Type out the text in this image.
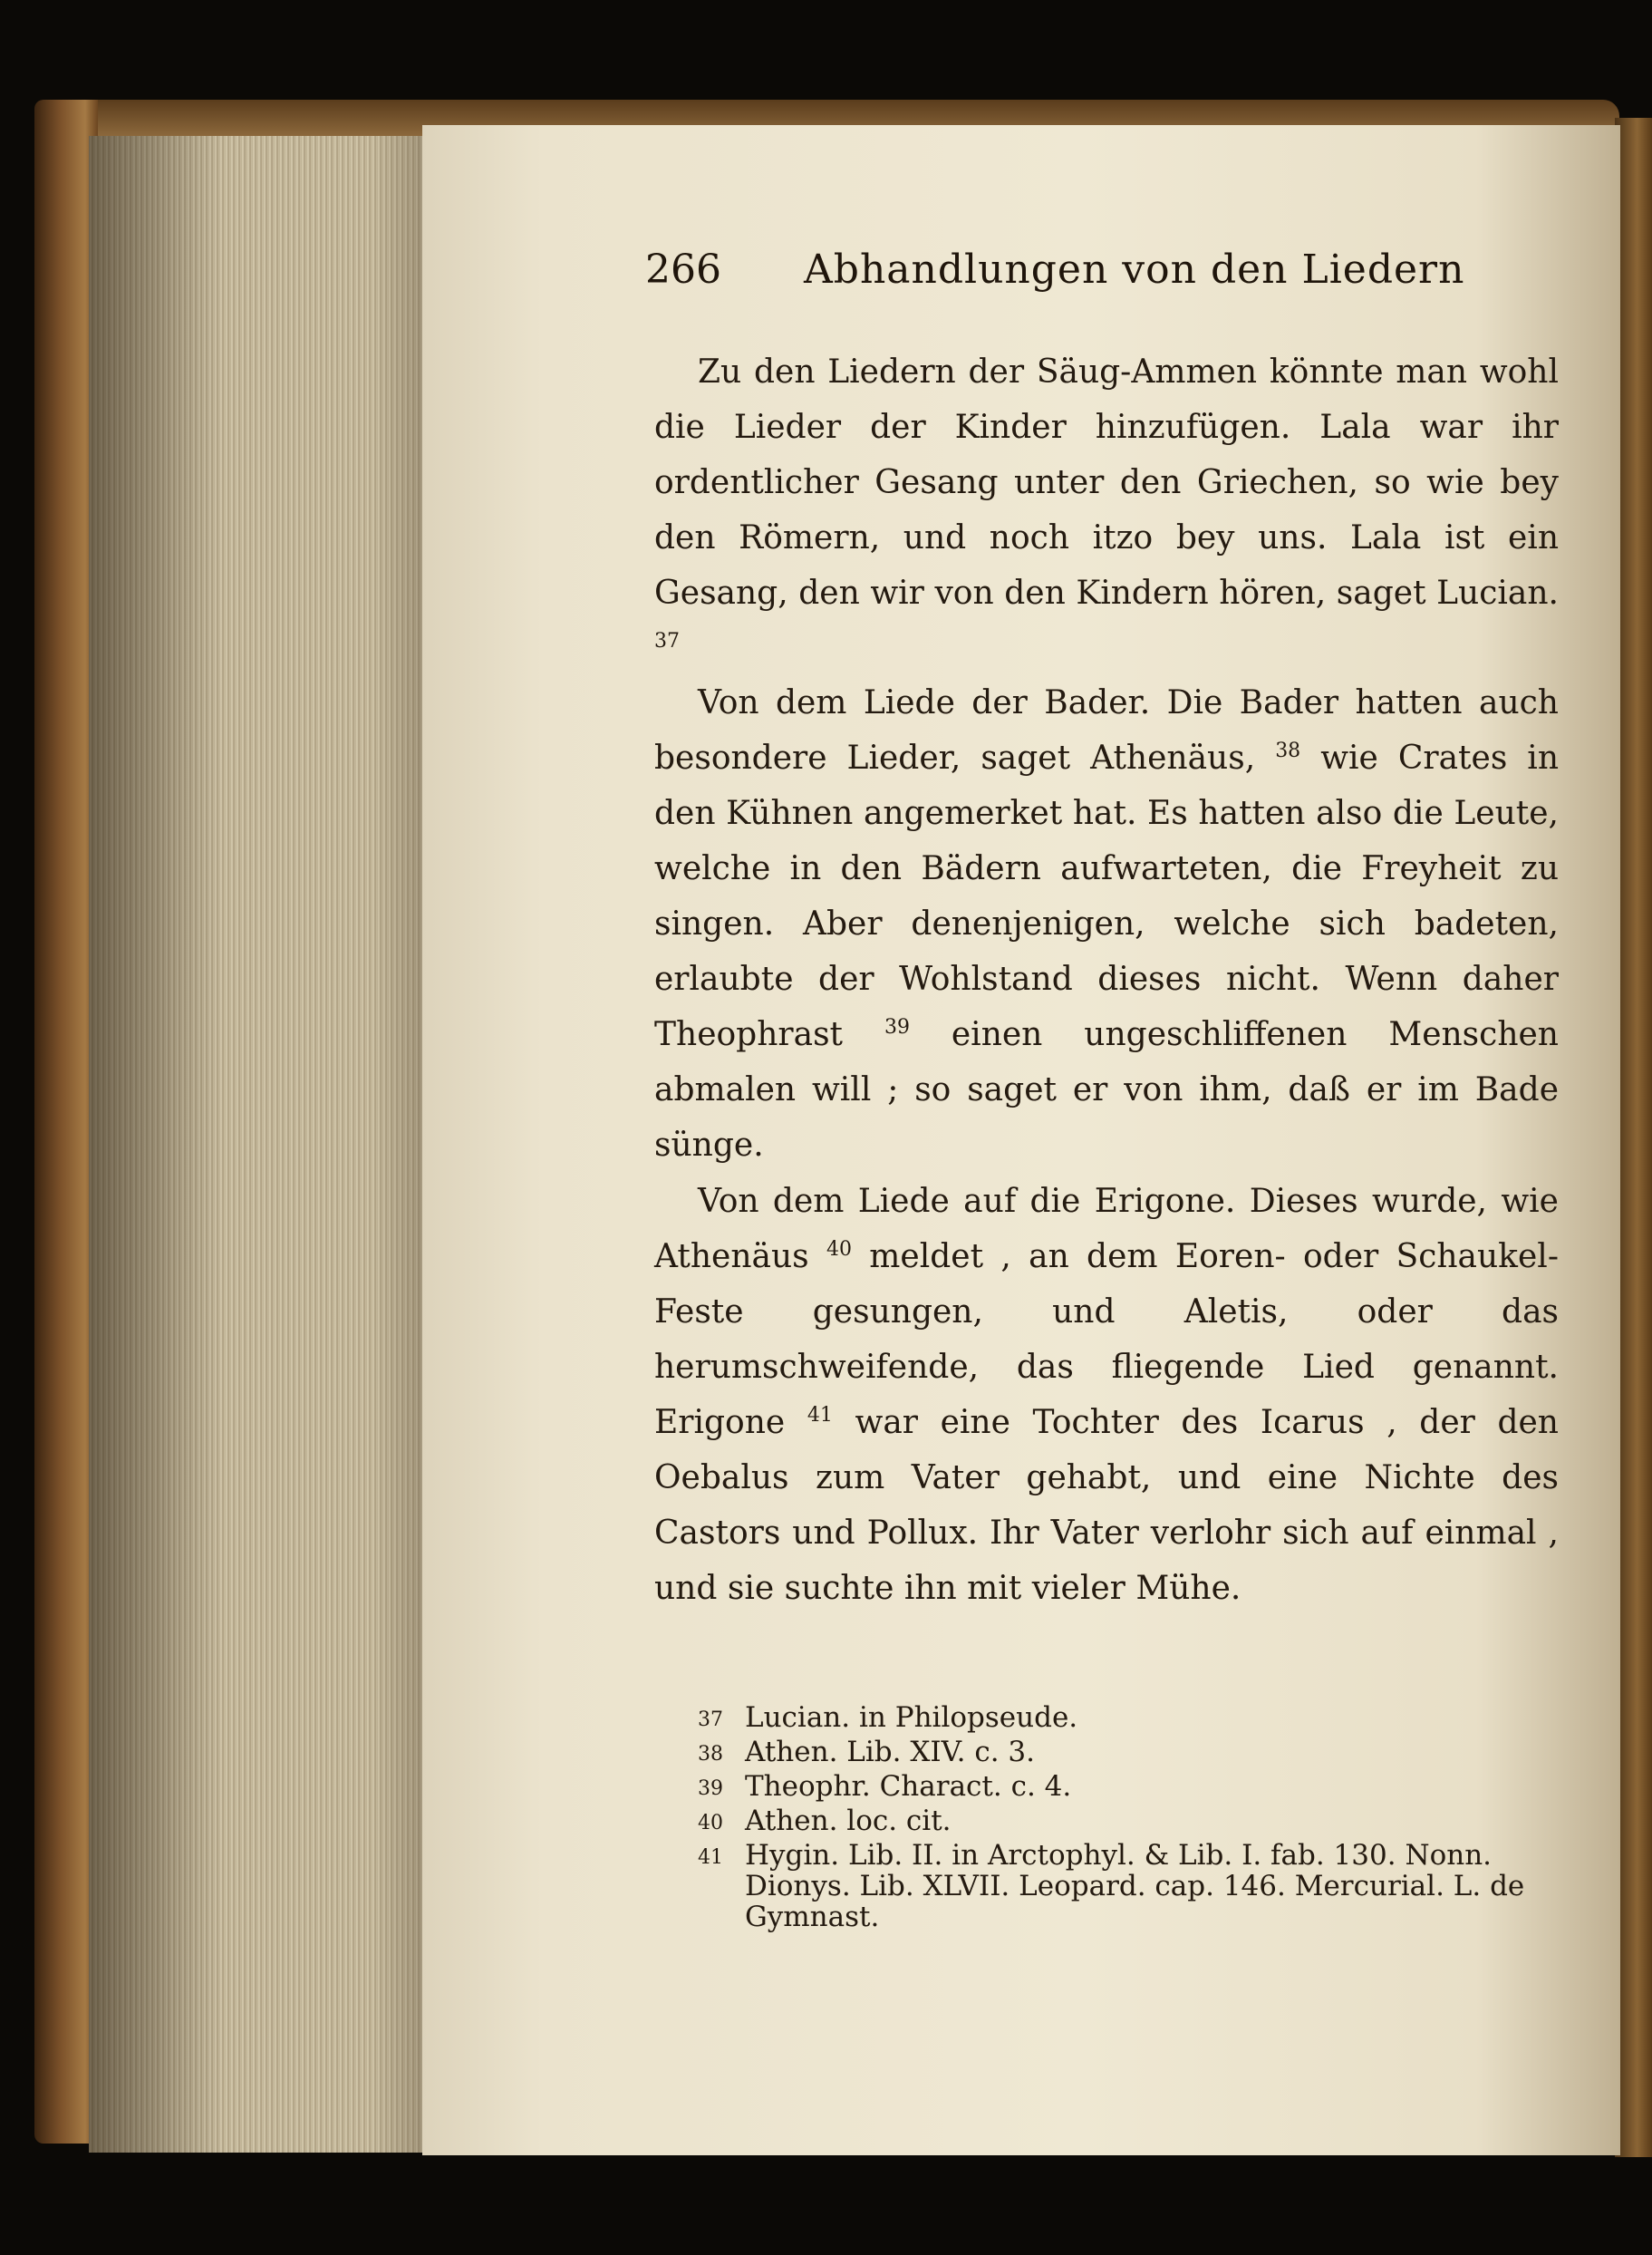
266 Abhandlungen von den Liedern
Zu den Liedern der Säug-Ammen könnte man wohl die Lieder der Kinder hinzufügen. Lala war ihr ordentlicher Gesang unter den Griechen, so wie bey den Römern, und noch itzo bey uns. Lala ist ein Gesang, den wir von den Kindern hören, saget Lucian. $^{37}$
Von dem Liede der Bader. Die Bader hatten auch besondere Lieder, saget Athenäus, $^{38}$ wie Crates in den Kühnen angemerket hat. Es hatten also die Leute, welche in den Bädern aufwarteten, die Freyheit zu singen. Aber denenjenigen, welche sich badeten, erlaubte der Wohlstand dieses nicht. Wenn daher Theophrast $^{39}$ einen ungeschliffenen Menschen abmalen will ; so saget er von ihm, daß er im Bade sünge.
Von dem Liede auf die Erigone. Dieses wurde, wie Athenäus $^{40}$ meldet , an dem Eoren- oder Schaukel-Feste gesungen, und Aletis, oder das herumschweifende, das fliegende Lied genannt. Erigone $^{41}$ war eine Tochter des Icarus , der den Oebalus zum Vater gehabt, und eine Nichte des Castors und Pollux. Ihr Vater verlohr sich auf einmal , und sie suchte ihn mit vieler Mühe.
37 Lucian. in Philopseude.
38 Athen. Lib. XIV. c. 3.
39 Theophr. Charact. c. 4.
40 Athen. loc. cit.
41 Hygin. Lib. II. in Arctophyl. & Lib. I. fab. 130. Nonn. Dionys. Lib. XLVII. Leopard. cap. 146. Mercurial. L. de Gymnast.
